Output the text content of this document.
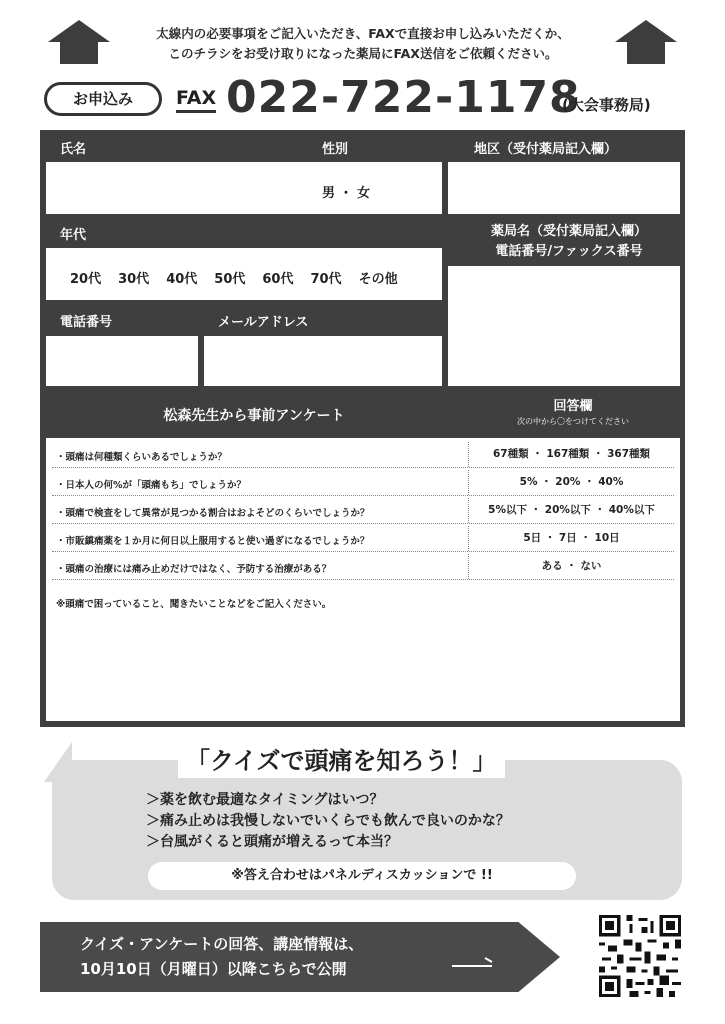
太線内の必要事項をご記入いただき、FAXで直接お申し込みいただくか、
このチラシをお受け取りになった薬局にFAX送信をご依頼ください。
お申込み	FAX 022-722-1178
(大会事務局)
氏名	性別
男 ・ 女
地区（受付薬局記入欄）
年代
20代 30代 40代 50代 60代 70代 その他
薬局名（受付薬局記入欄）
電話番号/ファックス番号
電話番号	メールアドレス
松森先生から事前アンケート
回答欄
次の中から〇をつけてください
・頭痛は何種類くらいあるでしょうか？	67種類 ・ 167種類 ・ 367種類
・日本人の何%が「頭痛もち」でしょうか？	5% ・ 20% ・ 40%
・頭痛で検査をして異常が見つかる割合はおよそどのくらいでしょうか？	5%以下 ・ 20%以下 ・ 40%以下
・市販鎮痛薬を１か月に何日以上服用すると使い過ぎになるでしょうか？	5日 ・ 7日 ・ 10日
・頭痛の治療には痛み止めだけではなく、予防する治療がある？	ある ・ ない
※頭痛で困っていること、聞きたいことなどをご記入ください。
「クイズで頭痛を知ろう！」
＞薬を飲む最適なタイミングはいつ？
＞痛み止めは我慢しないでいくらでも飲んで良いのかな？
＞台風がくると頭痛が増えるって本当？
※答え合わせはパネルディスカッションで !!
クイズ・アンケートの回答、講座情報は、
10月10日（月曜日）以降こちらで公開
